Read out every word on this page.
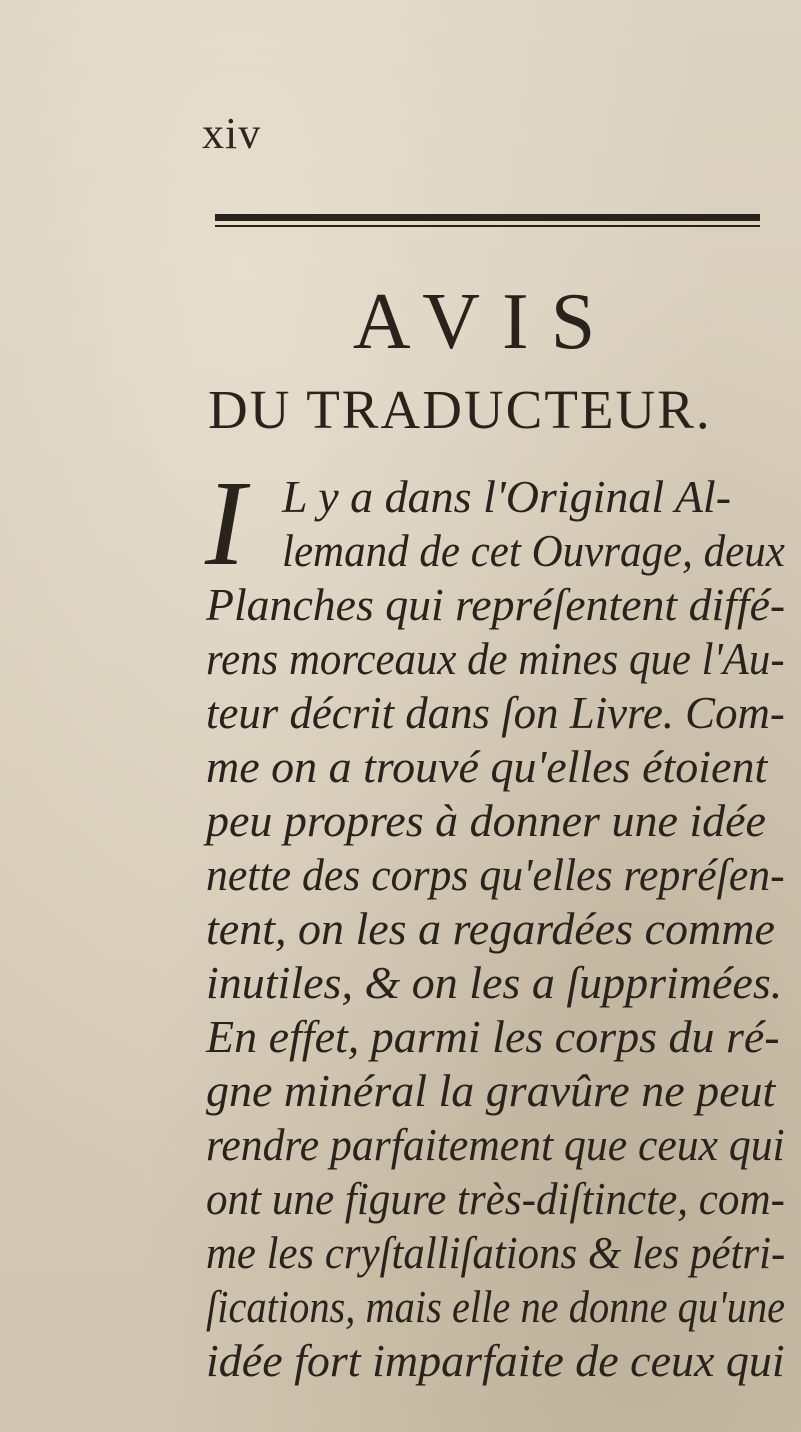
xiv
AVIS
DU TRADUCTEUR.
I L y a dans l'Original Al-
lemand de cet Ouvrage, deux
Planches qui repréſentent diffé-
rens morceaux de mines que l'Au-
teur décrit dans ſon Livre. Com-
me on a trouvé qu'elles étoient
peu propres à donner une idée
nette des corps qu'elles repréſen-
tent, on les a regardées comme
inutiles, & on les a ſupprimées.
En effet, parmi les corps du ré-
gne minéral la gravûre ne peut
rendre parfaitement que ceux qui
ont une figure très-diſtincte, com-
me les cryſtalliſations & les pétri-
ſications, mais elle ne donne qu'une
idée fort imparfaite de ceux qui
